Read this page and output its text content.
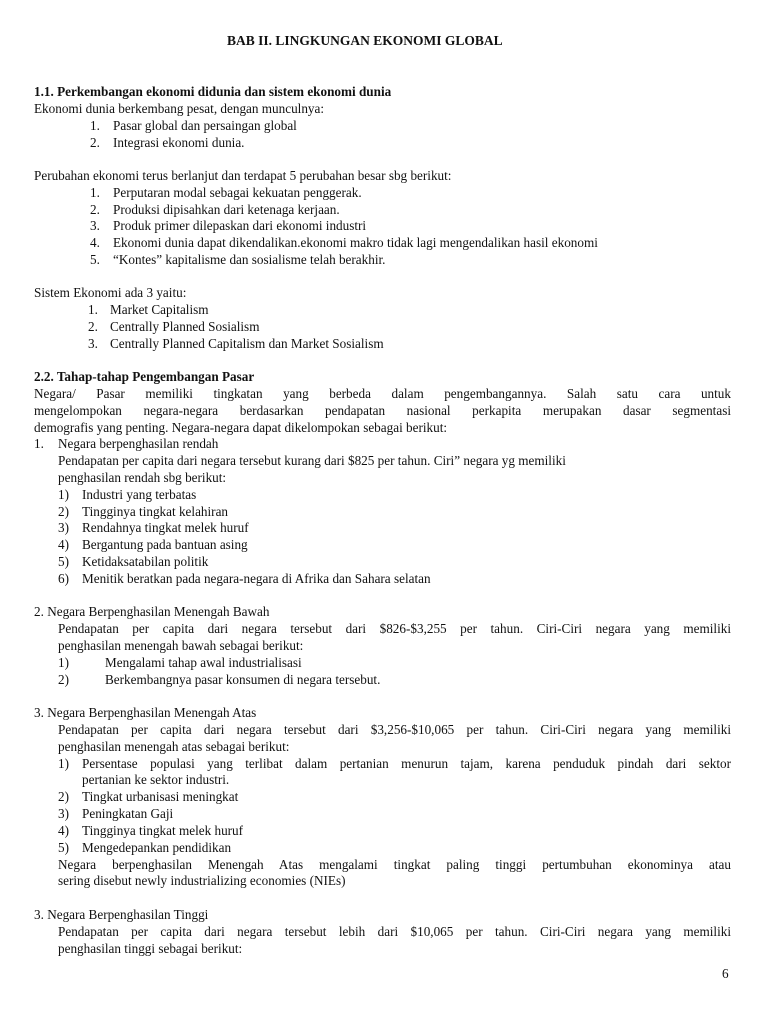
BAB II. LINGKUNGAN EKONOMI GLOBAL
1.1. Perkembangan ekonomi didunia dan sistem ekonomi dunia
Ekonomi dunia berkembang pesat, dengan munculnya:
1. Pasar global dan persaingan global
2. Integrasi ekonomi dunia.
Perubahan ekonomi terus berlanjut dan terdapat 5 perubahan besar sbg berikut:
1. Perputaran modal sebagai kekuatan penggerak.
2. Produksi dipisahkan dari ketenaga kerjaan.
3. Produk primer dilepaskan dari ekonomi industri
4. Ekonomi dunia dapat dikendalikan.ekonomi makro tidak lagi mengendalikan hasil ekonomi
5. “Kontes” kapitalisme dan sosialisme telah berakhir.
Sistem Ekonomi ada 3 yaitu:
1. Market Capitalism
2. Centrally Planned Sosialism
3. Centrally Planned Capitalism dan Market Sosialism
2.2. Tahap-tahap Pengembangan Pasar
Negara/ Pasar memiliki tingkatan yang berbeda dalam pengembangannya. Salah satu cara untuk
mengelompokan negara-negara berdasarkan pendapatan nasional perkapita merupakan dasar segmentasi
demografis yang penting. Negara-negara dapat dikelompokan sebagai berikut:
1. Negara berpenghasilan rendah
Pendapatan per capita dari negara tersebut kurang dari $825 per tahun. Ciri” negara yg memiliki
penghasilan rendah sbg berikut:
1) Industri yang terbatas
2) Tingginya tingkat kelahiran
3) Rendahnya tingkat melek huruf
4) Bergantung pada bantuan asing
5) Ketidaksatabilan politik
6) Menitik beratkan pada negara-negara di Afrika dan Sahara selatan
2. Negara Berpenghasilan Menengah Bawah
Pendapatan per capita dari negara tersebut dari $826-$3,255 per tahun. Ciri-Ciri negara yang memiliki
penghasilan menengah bawah sebagai berikut:
1)	Mengalami tahap awal industrialisasi
2)	Berkembangnya pasar konsumen di negara tersebut.
3. Negara Berpenghasilan Menengah Atas
Pendapatan per capita dari negara tersebut dari $3,256-$10,065 per tahun. Ciri-Ciri negara yang memiliki
penghasilan menengah atas sebagai berikut:
1) Persentase populasi yang terlibat dalam pertanian menurun tajam, karena penduduk pindah dari sektor
pertanian ke sektor industri.
2) Tingkat urbanisasi meningkat
3) Peningkatan Gaji
4) Tingginya tingkat melek huruf
5) Mengedepankan pendidikan
Negara berpenghasilan Menengah Atas mengalami tingkat paling tinggi pertumbuhan ekonominya atau
sering disebut newly industrializing economies (NIEs)
3. Negara Berpenghasilan Tinggi
Pendapatan per capita dari negara tersebut lebih dari $10,065 per tahun. Ciri-Ciri negara yang memiliki
penghasilan tinggi sebagai berikut:
6
